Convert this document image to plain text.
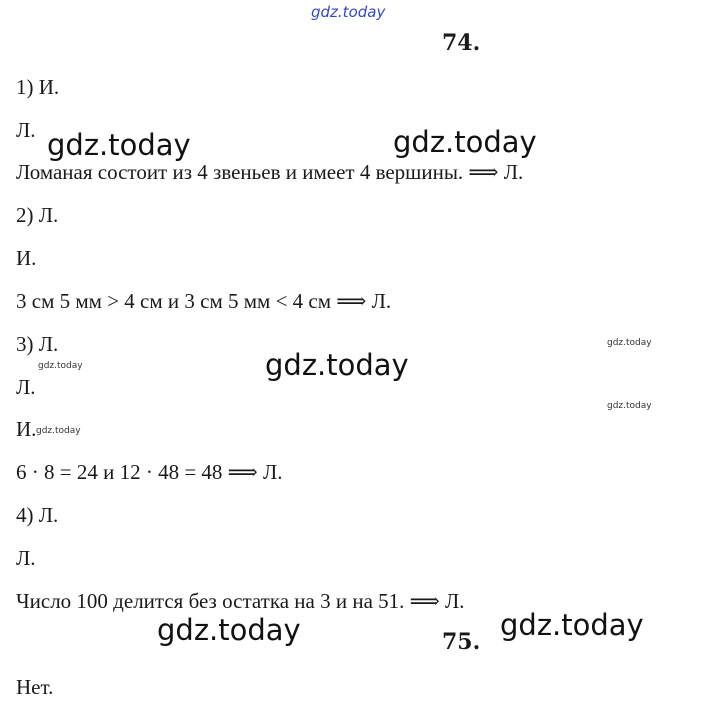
gdz.today
gdz.today	gdz.today
gdz.today
gdz.today	gdz.today
gdz.today
gdz.today
gdz.today
gdz.today
74.
1) И.
Л.
Ломаная состоит из 4 звеньев и имеет 4 вершины. ⟹ Л.
2) Л.
И.
3 см 5 мм > 4 см и 3 см 5 мм < 4 см ⟹ Л.
3) Л.
Л.
И.
6 · 8 = 24 и 12 · 48 = 48 ⟹ Л.
4) Л.
Л.
Число 100 делится без остатка на 3 и на 51. ⟹ Л.
75.
Нет.
